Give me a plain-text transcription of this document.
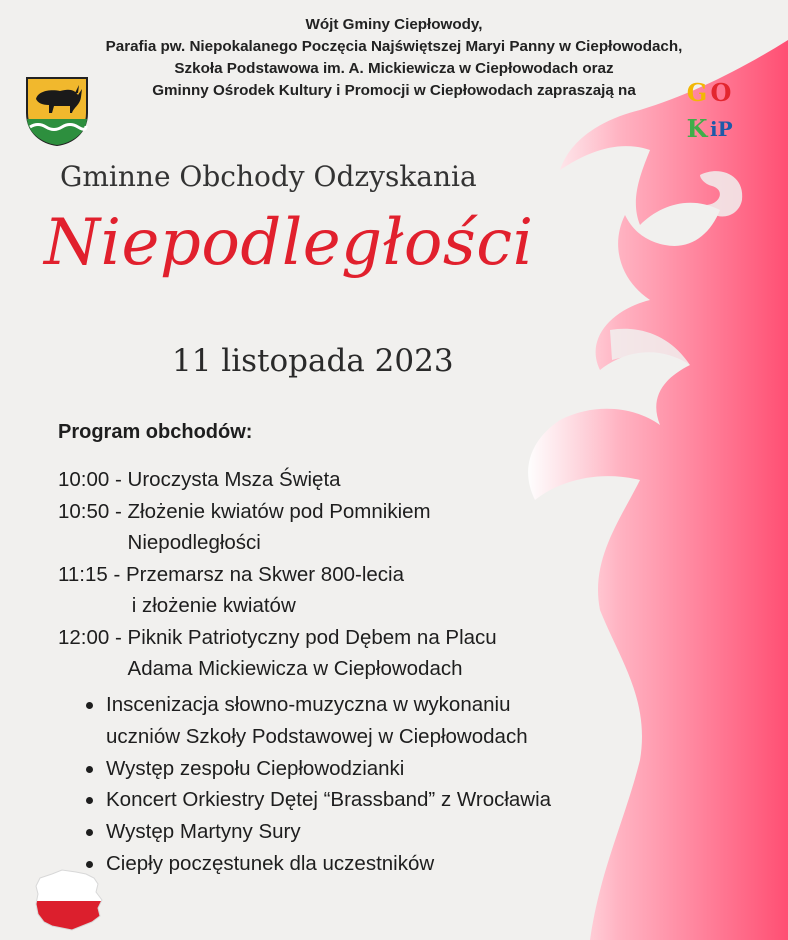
Wójt Gminy Ciepłowody,
Parafia pw. Niepokalanego Poczęcia Najświętszej Maryi Panny w Ciepłowodach,
Szkoła Podstawowa im. A. Mickiewicza w Ciepłowodach oraz
Gminny Ośrodek Kultury i Promocji w Ciepłowodach zapraszają na	G O
K iP
Gminne Obchody Odzyskania
Niepodległości
11 listopada 2023
Program obchodów:
10:00 - Uroczysta Msza Święta
10:50 - Złożenie kwiatów pod Pomnikiem
Niepodległości
11:15 - Przemarsz na Skwer 800-lecia
i złożenie kwiatów
12:00 - Piknik Patriotyczny pod Dębem na Placu
Adama Mickiewicza w Ciepłowodach
Inscenizacja słowno-muzyczna w wykonaniu
uczniów Szkoły Podstawowej w Ciepłowodach
Występ zespołu Ciepłowodzianki
Koncert Orkiestry Dętej “Brassband” z Wrocławia
Występ Martyny Sury
Ciepły poczęstunek dla uczestników
